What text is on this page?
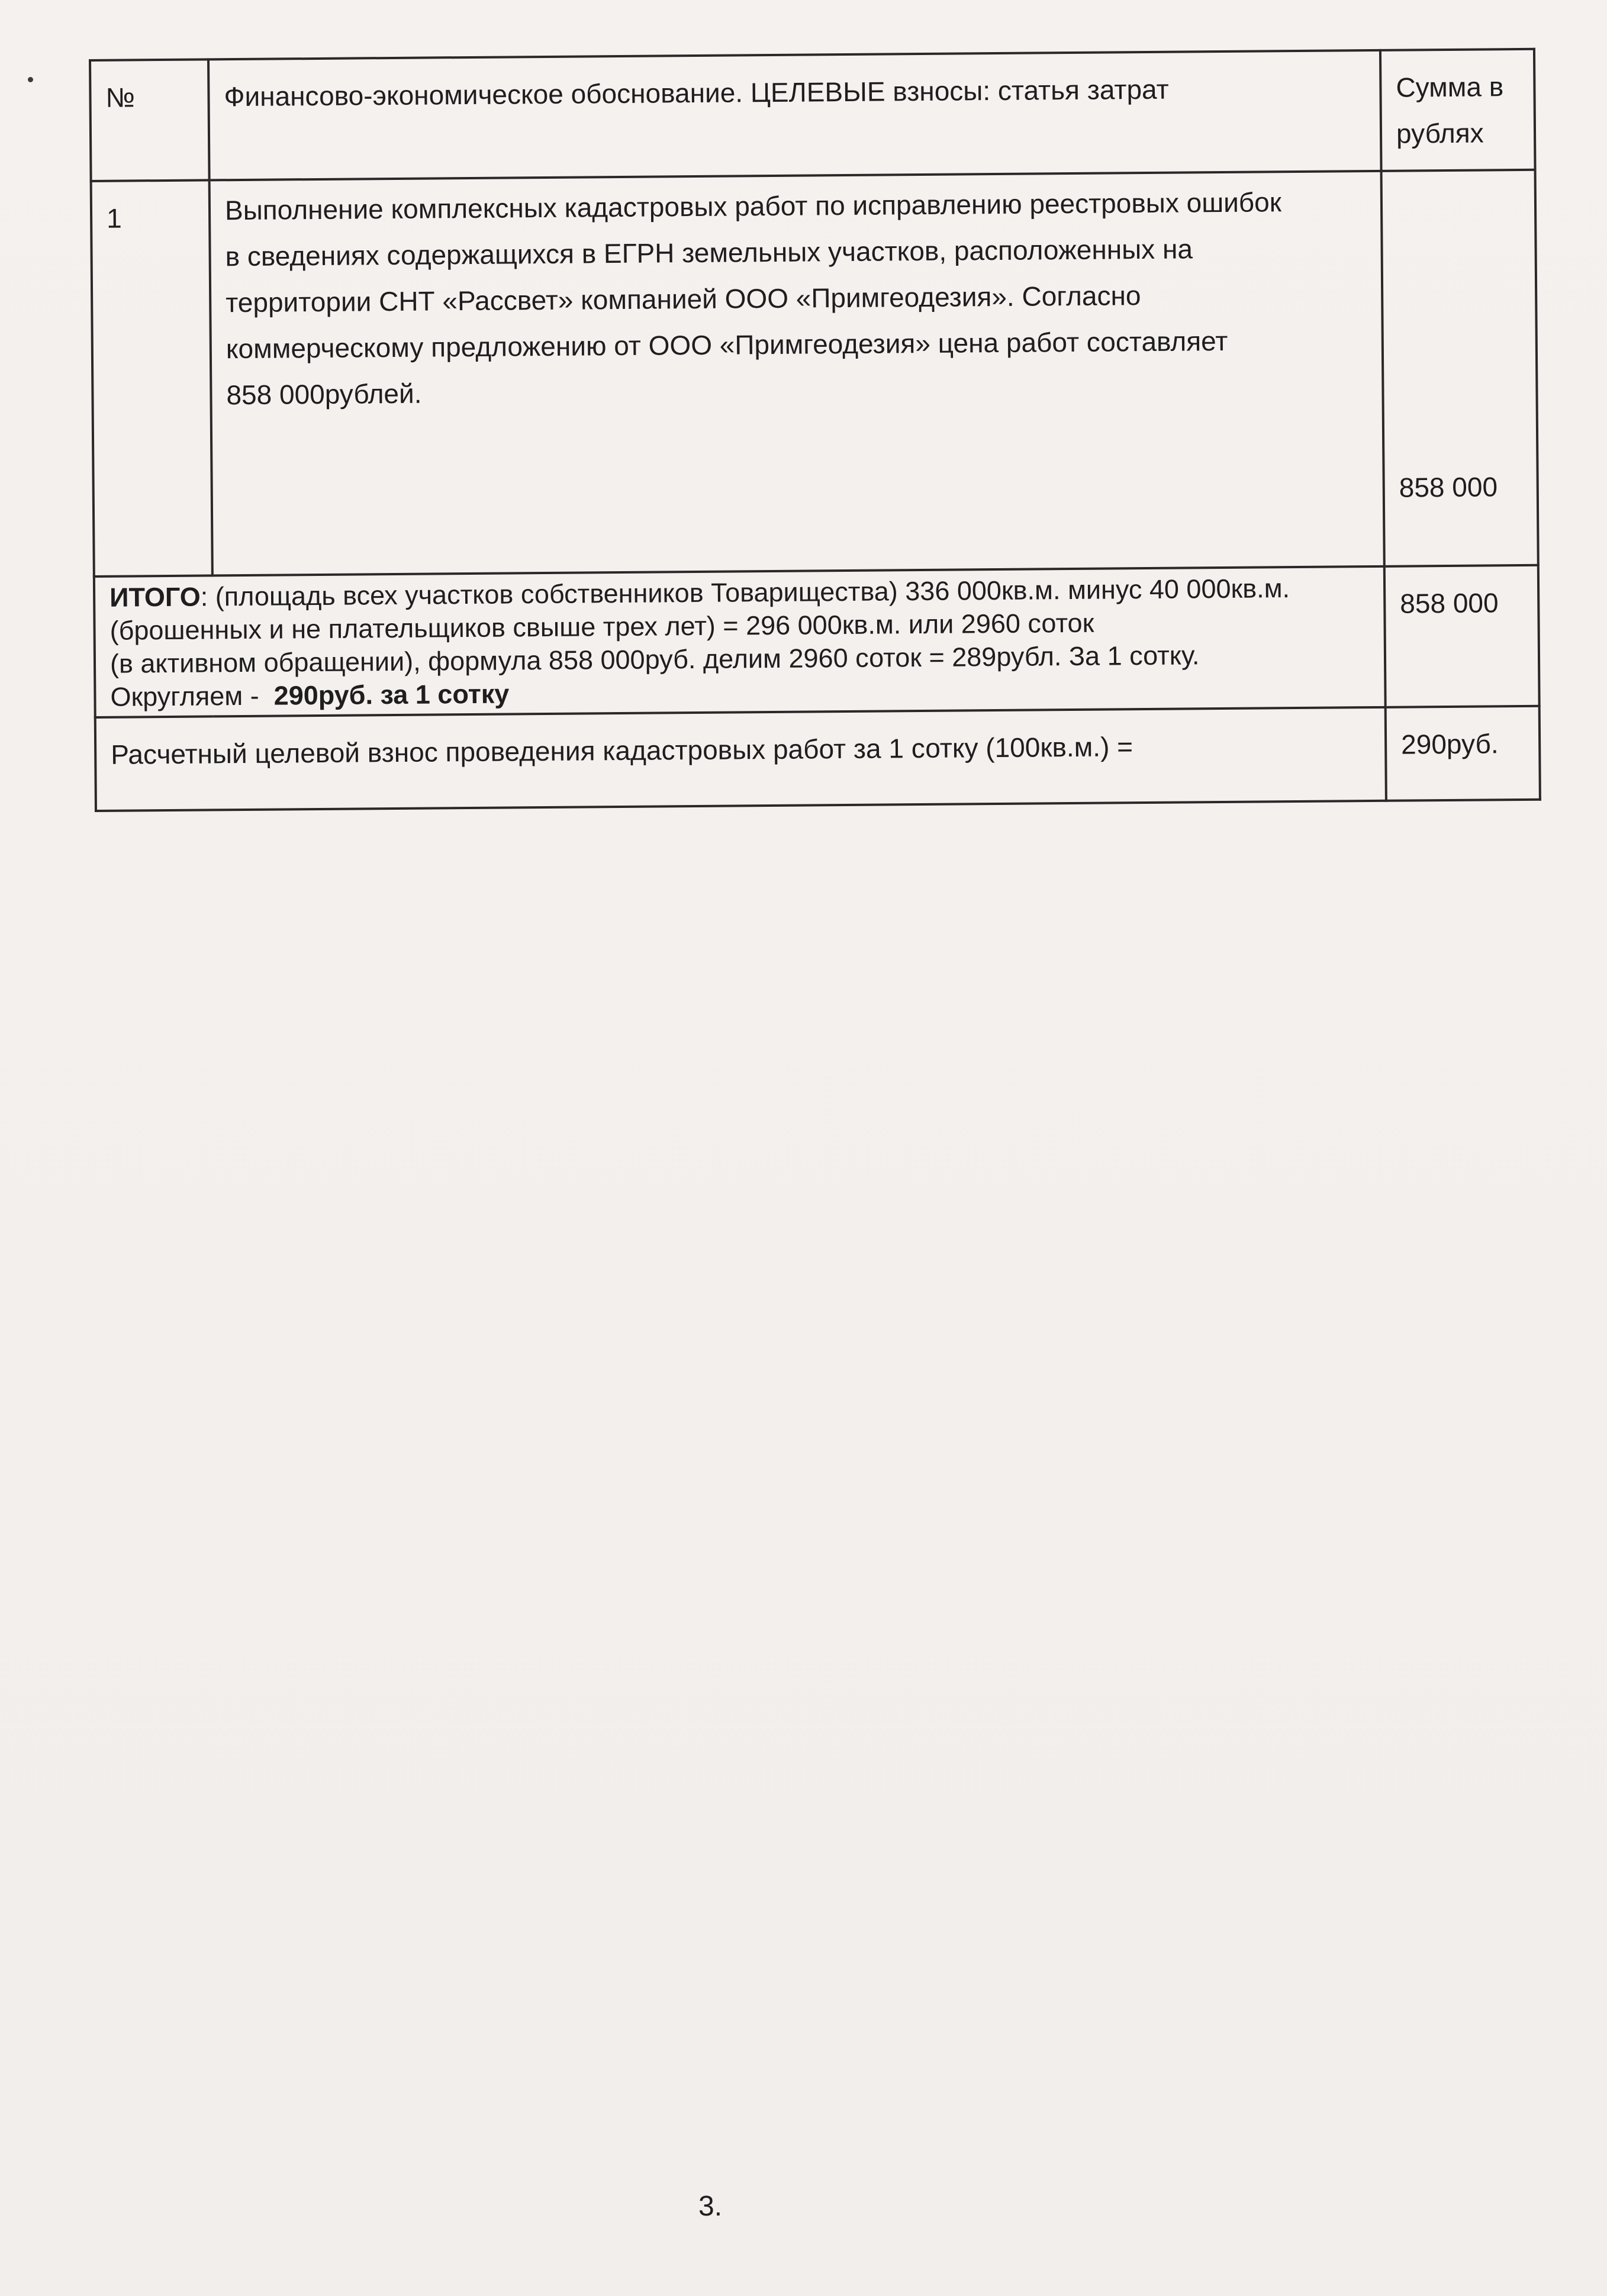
№	Финансово-экономическое обоснование. ЦЕЛЕВЫЕ взносы: статья затрат	Сумма в рублях
1	Выполнение комплексных кадастровых работ по исправлению реестровых ошибок
в сведениях содержащихся в ЕГРН земельных участков, расположенных на
территории СНТ «Рассвет» компанией ООО «Примгеодезия». Согласно
коммерческому предложению от ООО «Примгеодезия» цена работ составляет
858 000рублей.	858 000

ИТОГО: (площадь всех участков собственников Товарищества) 336 000кв.м. минус 40 000кв.м.
(брошенных и не плательщиков свыше трех лет) = 296 000кв.м. или 2960 соток
(в активном обращении), формула 858 000руб. делим 2960 соток = 289рубл. За 1 сотку.
Округляем -  290руб. за 1 сотку		858 000
Расчетный целевой взнос проведения кадастровых работ за 1 сотку (100кв.м.) =		290руб.
3.
